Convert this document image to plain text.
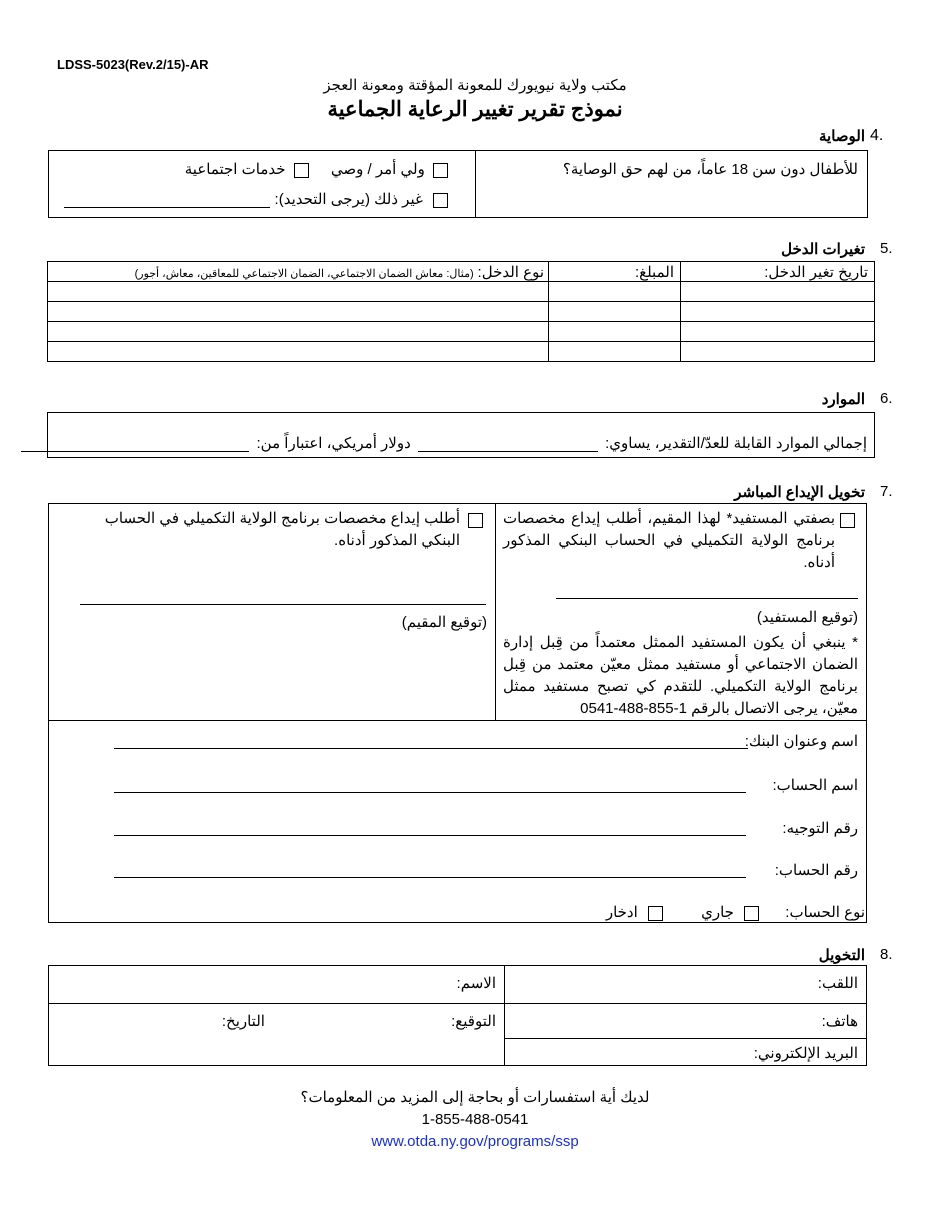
LDSS-5023(Rev.2/15)-AR
مكتب ولاية نيويورك للمعونة المؤقتة ومعونة العجز
نموذج تقرير تغيير الرعاية الجماعية
4.
الوصاية
للأطفال دون سن 18 عاماً، من لهم حق الوصاية؟
ولي أمر / وصي  خدمات اجتماعية
غير ذلك (يرجى التحديد):
5.
تغيرات الدخل
نوع الدخل: (مثال: معاش الضمان الاجتماعي، الضمان الاجتماعي للمعاقين، معاش، أجور)	المبلغ:	تاريخ تغير الدخل:

6.
الموارد
إجمالي الموارد القابلة للعدّ/التقدير، يساوي:  دولار أمريكي، اعتباراً من:
7.
تخويل الإيداع المباشر
بصفتي المستفيد* لهذا المقيم، أطلب إيداع مخصصات برنامج الولاية التكميلي في الحساب البنكي المذكور أدناه.
(توقيع المستفيد)
* ينبغي أن يكون المستفيد الممثل معتمداً من قِبل إدارة الضمان الاجتماعي أو مستفيد ممثل معيّن معتمد من قِبل برنامج الولاية التكميلي. للتقدم كي تصبح مستفيد ممثل معيّن، يرجى الاتصال بالرقم 1-855-488-0541
أطلب إيداع مخصصات برنامج الولاية التكميلي في الحساب البنكي المذكور أدناه.
(توقيع المقيم)
اسم وعنوان البنك:
اسم الحساب:
رقم التوجيه:
رقم الحساب:
نوع الحساب:  جاري  ادخار
8.
التخويل
الاسم:	اللقب:
التوقيع: التاريخ:	هاتف:
	البريد الإلكتروني:
لديك أية استفسارات أو بحاجة إلى المزيد من المعلومات؟
1-855-488-0541
www.otda.ny.gov/programs/ssp
